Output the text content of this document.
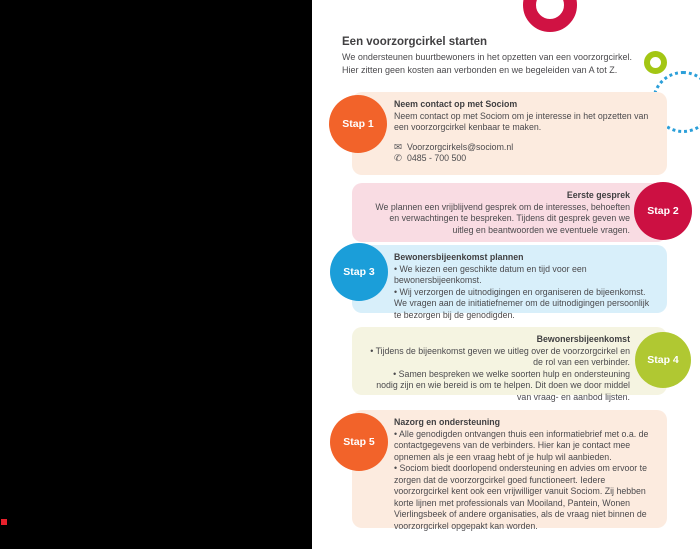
Een voorzorgcirkel starten

We ondersteunen buurtbewoners in het opzetten van een voorzorgcirkel.

Hier zitten geen kosten aan verbonden en we begeleiden van A tot Z.

Neem contact op met Sociom

Neem contact op met Sociom om je interesse in het opzetten van een voorzorgcirkel kenbaar te maken.

✉ Voorzorgcirkels@sociom.nl
✆ 0485 - 700 500
Stap 1

Eerste gesprek

We plannen een vrijblijvend gesprek om de interesses, behoeften en verwachtingen te bespreken. Tijdens dit gesprek geven we uitleg en beantwoorden we eventuele vragen.

Stap 2

Bewonersbijeenkomst plannen

• We kiezen een geschikte datum en tijd voor een bewonersbijeenkomst.

• Wij verzorgen de uitnodigingen en organiseren de bijeenkomst. We vragen aan de initiatiefnemer om de uitnodigingen persoonlijk te bezorgen bij de genodigden.

Stap 3

Bewonersbijeenkomst

• Tijdens de bijeenkomst geven we uitleg over de voorzorgcirkel en de rol van een verbinder.

• Samen bespreken we welke soorten hulp en ondersteuning nodig zijn en wie bereid is om te helpen. Dit doen we door middel van vraag- en aanbod lijsten.

Stap 4

Nazorg en ondersteuning

• Alle genodigden ontvangen thuis een informatiebrief met o.a. de contactgegevens van de verbinders. Hier kan je contact mee opnemen als je een vraag hebt of je hulp wil aanbieden.

• Sociom biedt doorlopend ondersteuning en advies om ervoor te zorgen dat de voorzorgcirkel goed functioneert. Iedere voorzorgcirkel kent ook een vrijwilliger vanuit Sociom. Zij hebben korte lijnen met professionals van Mooiland, Pantein, Wonen Vierlingsbeek of andere organisaties, als de vraag niet binnen de voorzorgcirkel opgepakt kan worden.

Stap 5
